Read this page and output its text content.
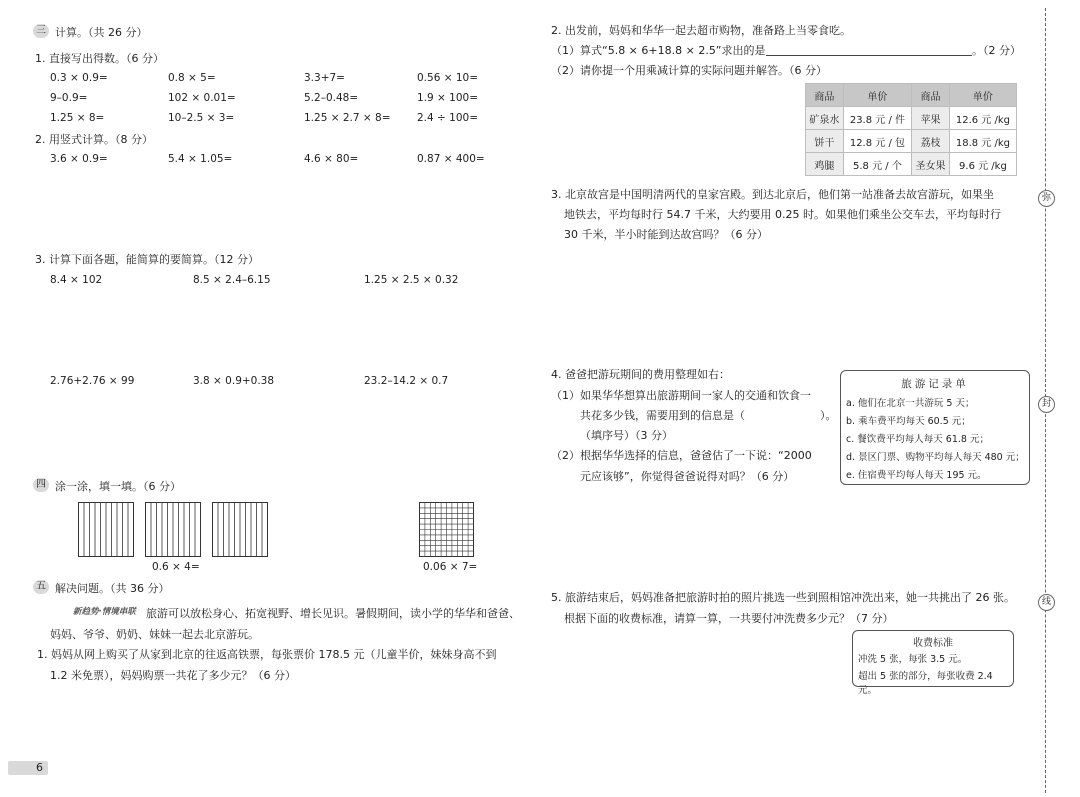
三 计算。（共 26 分）
1. 直接写出得数。（6 分）
0.3 × 0.9=	0.8 × 5=	3.3+7=	0.56 × 10=
9–0.9=	102 × 0.01=	5.2–0.48=	1.9 × 100=
1.25 × 8=	10–2.5 × 3=	1.25 × 2.7 × 8=	2.4 ÷ 100=
2. 用竖式计算。（8 分）
3.6 × 0.9=	5.4 × 1.05=	4.6 × 80=	0.87 × 400=
3. 计算下面各题，能简算的要简算。（12 分）
8.4 × 102	8.5 × 2.4–6.15	1.25 × 2.5 × 0.32
2.76+2.76 × 99	3.8 × 0.9+0.38	23.2–14.2 × 0.7
四 涂一涂，填一填。（6 分）
0.6 × 4=	0.06 × 7=
五 解决问题。（共 36 分）
新趋势·情境串联 旅游可以放松身心、拓宽视野、增长见识。暑假期间，读小学的华华和爸爸、
妈妈、爷爷、奶奶、妹妹一起去北京游玩。
1. 妈妈从网上购买了从家到北京的往返高铁票，每张票价 178.5 元（儿童半价，妹妹身高不到
1.2 米免票），妈妈购票一共花了多少元？（6 分）
6
2. 出发前，妈妈和华华一起去超市购物，准备路上当零食吃。
（1）算式“5.8 × 6+18.8 × 2.5”求出的是	。（2 分）
（2）请你提一个用乘减计算的实际问题并解答。（6 分）
商品	单价	商品	单价
矿泉水	23.8 元 / 件	苹果	12.6 元 /kg
饼干	12.8 元 / 包	荔枝	18.8 元 /kg
鸡腿	5.8 元 / 个	圣女果	9.6 元 /kg
3. 北京故宫是中国明清两代的皇家宫殿。到达北京后，他们第一站准备去故宫游玩，如果坐
地铁去，平均每时行 54.7 千米，大约要用 0.25 时。如果他们乘坐公交车去，平均每时行
30 千米，半小时能到达故宫吗？（6 分）
4. 爸爸把游玩期间的费用整理如右：
（1）如果华华想算出旅游期间一家人的交通和饮食一
共花多少钱，需要用到的信息是（	）。
（填序号）（3 分）
（2）根据华华选择的信息，爸爸估了一下说：“2000
元应该够”，你觉得爸爸说得对吗？（6 分）
旅游记录单
a. 他们在北京一共游玩 5 天；
b. 乘车费平均每天 60.5 元；
c. 餐饮费平均每人每天 61.8 元；
d. 景区门票、购物平均每人每天 480 元；
e. 住宿费平均每人每天 195 元。
5. 旅游结束后，妈妈准备把旅游时拍的照片挑选一些到照相馆冲洗出来，她一共挑出了 26 张。
根据下面的收费标准，请算一算，一共要付冲洗费多少元？（7 分）
收费标准
冲洗 5 张，每张 3.5 元。
超出 5 张的部分，每张收费 2.4 元。
弥
封
线
